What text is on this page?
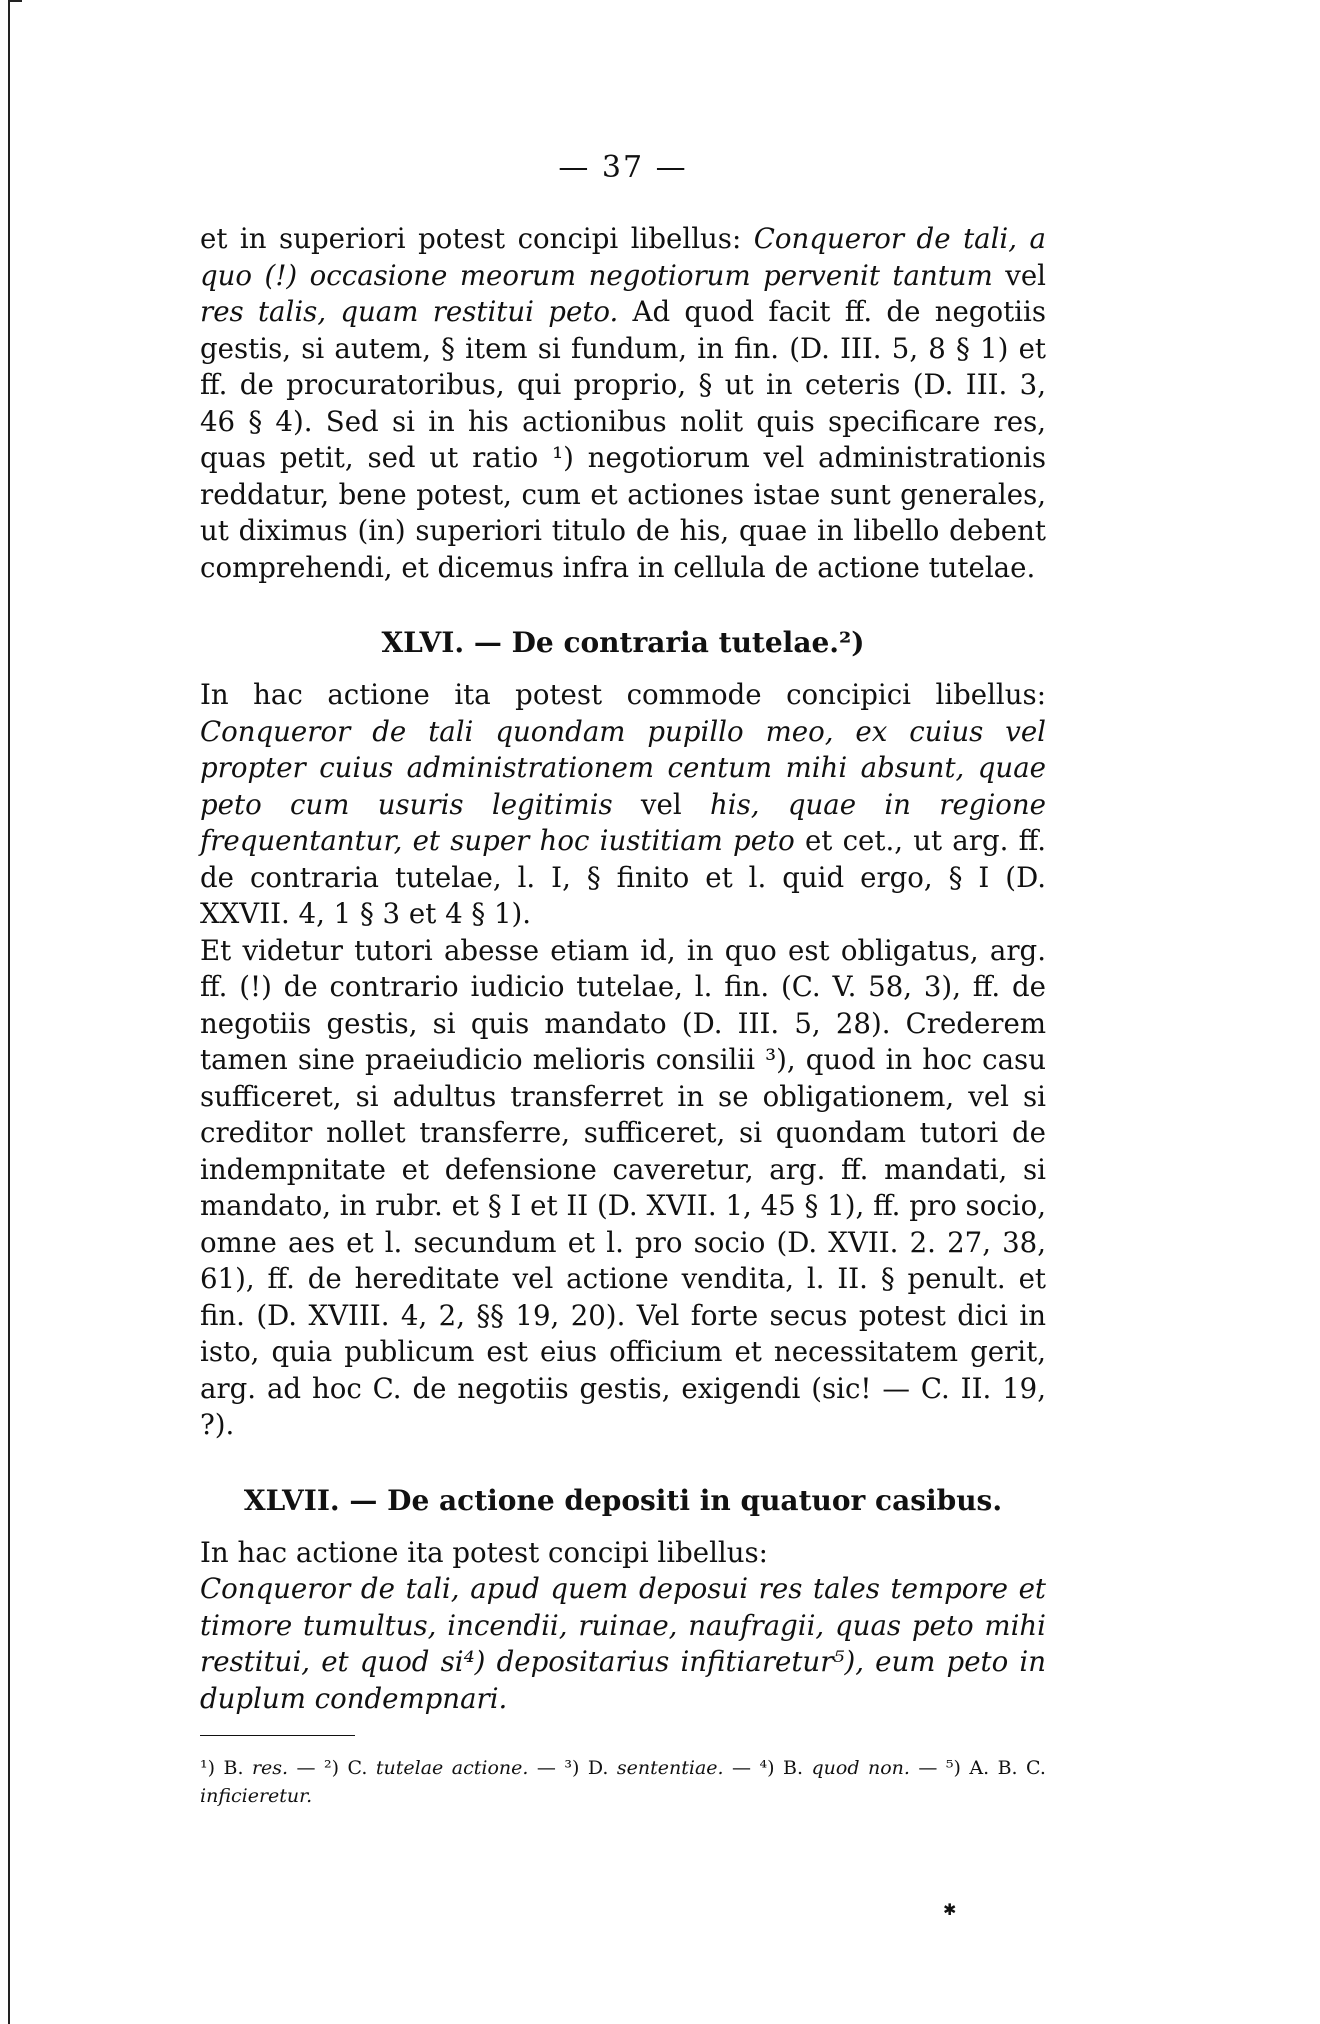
— 37 —

et in superiori potest concipi libellus: Conqueror de tali, a quo (!) occasione meorum negotiorum pervenit tantum vel res talis, quam restitui peto. Ad quod facit ff. de negotiis gestis, si autem, § item si fundum, in fin. (D. III. 5, 8 § 1) et ff. de procuratoribus, qui proprio, § ut in ceteris (D. III. 3, 46 § 4). Sed si in his actionibus nolit quis specificare res, quas petit, sed ut ratio ¹) negotiorum vel administrationis reddatur, bene potest, cum et actiones istae sunt generales, ut diximus (in) superiori titulo de his, quae in libello debent comprehendi, et dicemus infra in cellula de actione tutelae.

XLVI. — De contraria tutelae.²)

In hac actione ita potest commode concipici libellus: Conqueror de tali quondam pupillo meo, ex cuius vel propter cuius administrationem centum mihi absunt, quae peto cum usuris legitimis vel his, quae in regione frequentantur, et super hoc iustitiam peto et cet., ut arg. ff. de contraria tutelae, l. I, § finito et l. quid ergo, § I (D. XXVII. 4, 1 § 3 et 4 § 1).

Et videtur tutori abesse etiam id, in quo est obligatus, arg. ff. (!) de contrario iudicio tutelae, l. fin. (C. V. 58, 3), ff. de negotiis gestis, si quis mandato (D. III. 5, 28). Crederem tamen sine praeiudicio melioris consilii ³), quod in hoc casu sufficeret, si adultus transferret in se obligationem, vel si creditor nollet transferre, sufficeret, si quondam tutori de indempnitate et defensione caveretur, arg. ff. mandati, si mandato, in rubr. et § I et II (D. XVII. 1, 45 § 1), ff. pro socio, omne aes et l. secundum et l. pro socio (D. XVII. 2. 27, 38, 61), ff. de hereditate vel actione vendita, l. II. § penult. et fin. (D. XVIII. 4, 2, §§ 19, 20). Vel forte secus potest dici in isto, quia publicum est eius officium et necessitatem gerit, arg. ad hoc C. de negotiis gestis, exigendi (sic! — C. II. 19, ?).

XLVII. — De actione depositi in quatuor casibus.

In hac actione ita potest concipi libellus:

Conqueror de tali, apud quem deposui res tales tempore et timore tumultus, incendii, ruinae, naufragii, quas peto mihi restitui, et quod si⁴) depositarius infitiaretur⁵), eum peto in duplum condempnari.

¹) B. res. — ²) C. tutelae actione. — ³) D. sententiae. — ⁴) B. quod non. — ⁵) A. B. C. inficieretur.
✱
